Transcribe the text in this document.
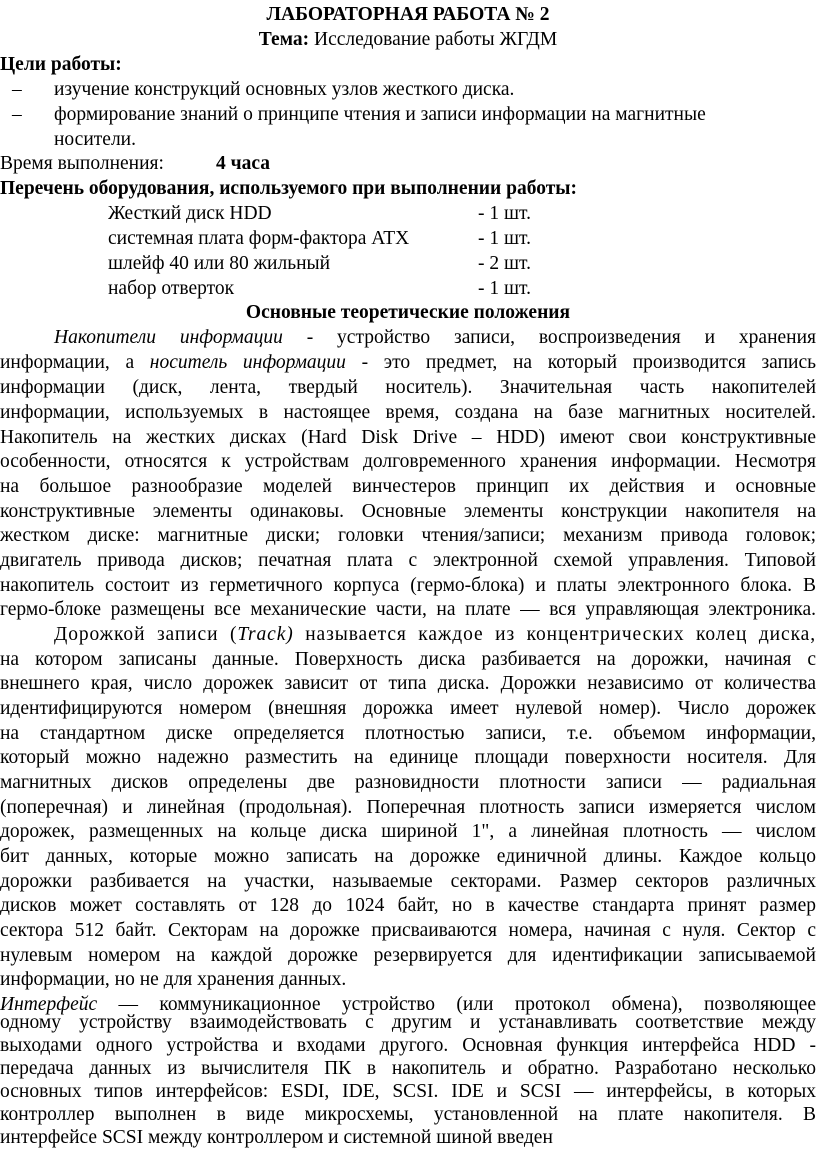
ЛАБОРАТОРНАЯ РАБОТА № 2
Тема: Исследование работы ЖГДМ
Цели работы:
– изучение конструкций основных узлов жесткого диска.
– формирование знаний о принципе чтения и записи информации на магнитные
носители.
Время выполнения:	4 часа
Перечень оборудования, используемого при выполнении работы:
Жесткий диск HDD	- 1 шт.
системная плата форм-фактора ATX	- 1 шт.
шлейф 40 или 80 жильный	- 2 шт.
набор отверток	- 1 шт.
Основные теоретические положения
Накопители информации - устройство записи, воспроизведения и хранения
информации, а носитель информации - это предмет, на который производится запись
информации (диск, лента, твердый носитель). Значительная часть накопителей
информации, используемых в настоящее время, создана на базе магнитных носителей.
Накопитель на жестких дисках (Hard Disk Drive – HDD) имеют свои конструктивные
особенности, относятся к устройствам долговременного хранения информации. Несмотря
на большое разнообразие моделей винчестеров принцип их действия и основные
конструктивные элементы одинаковы. Основные элементы конструкции накопителя на
жестком диске: магнитные диски; головки чтения/записи; механизм привода головок;
двигатель привода дисков; печатная плата с электронной схемой управления. Типовой
накопитель состоит из герметичного корпуса (гермо-блока) и платы электронного блока. В
гермо-блоке размещены все механические части, на плате — вся управляющая электроника.
Дорожкой записи (Track) называется каждое из концентрических колец диска,
на котором записаны данные. Поверхность диска разбивается на дорожки, начиная с
внешнего края, число дорожек зависит от типа диска. Дорожки независимо от количества
идентифицируются номером (внешняя дорожка имеет нулевой номер). Число дорожек
на стандартном диске определяется плотностью записи, т.е. объемом информации,
который можно надежно разместить на единице площади поверхности носителя. Для
магнитных дисков определены две разновидности плотности записи — радиальная
(поперечная) и линейная (продольная). Поперечная плотность записи измеряется числом
дорожек, размещенных на кольце диска шириной 1", а линейная плотность — числом
бит данных, которые можно записать на дорожке единичной длины. Каждое кольцо
дорожки разбивается на участки, называемые секторами. Размер секторов различных
дисков может составлять от 128 до 1024 байт, но в качестве стандарта принят размер
сектора 512 байт. Секторам на дорожке присваиваются номера, начиная с нуля. Сектор с
нулевым номером на каждой дорожке резервируется для идентификации записываемой
информации, но не для хранения данных.
Интерфейс — коммуникационное устройство (или протокол обмена), позволяющее
одному устройству взаимодействовать с другим и устанавливать соответствие между
выходами одного устройства и входами другого. Основная функция интерфейса HDD -
передача данных из вычислителя ПК в накопитель и обратно. Разработано несколько
основных типов интерфейсов: ESDI, IDE, SCSI. IDE и SCSI — интерфейсы, в которых
контроллер выполнен в виде микросхемы, установленной на плате накопителя. В
интерфейсе SCSI между контроллером и системной шиной введен
